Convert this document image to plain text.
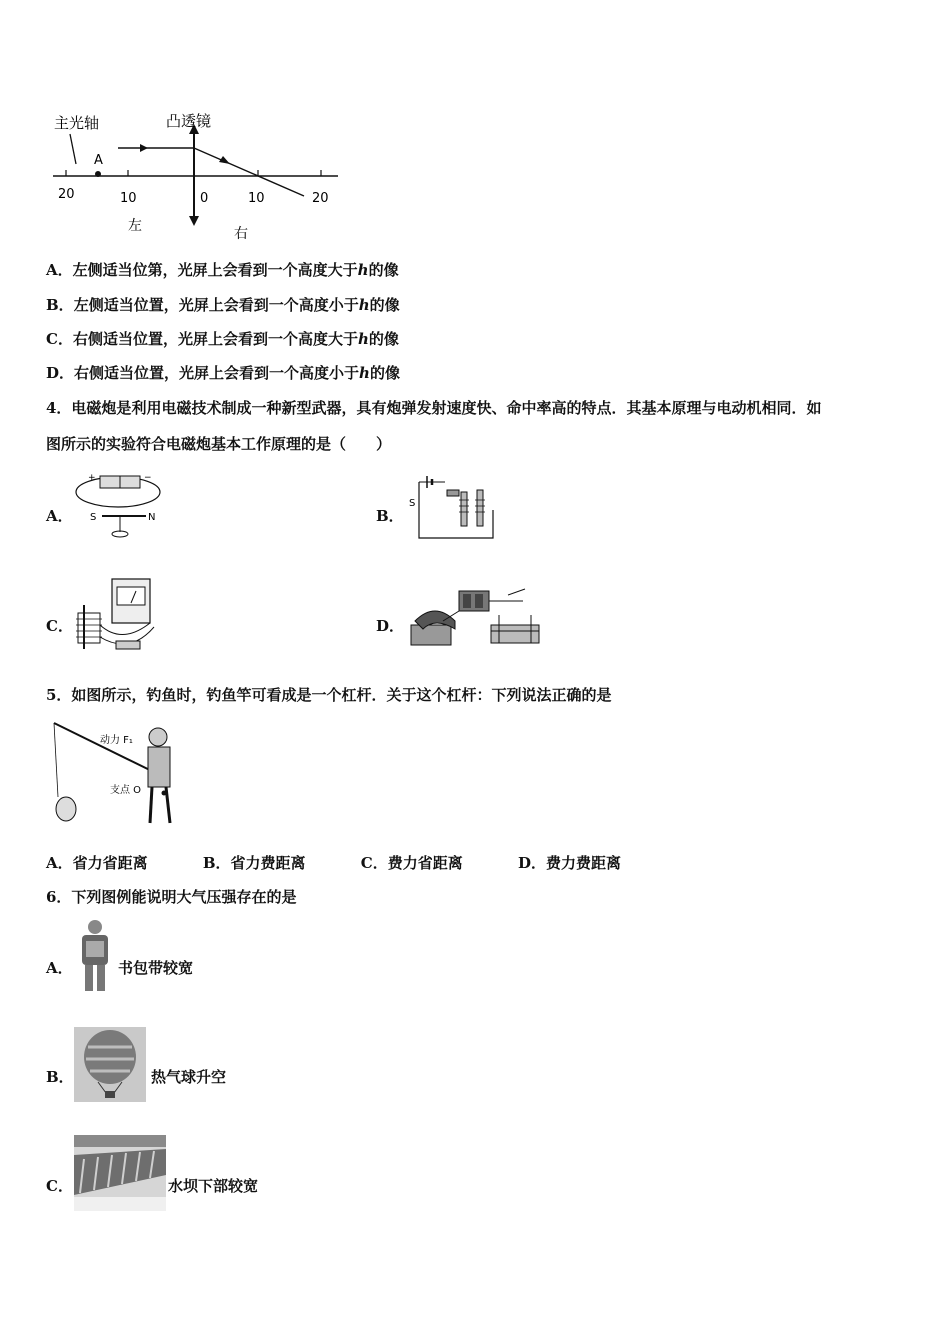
主光轴	凸透镜
A
20	10	0	10	20
左	右
A．左侧适当位第，光屏上会看到一个高度大于h的像
B．左侧适当位置，光屏上会看到一个高度小于h的像
C．右侧适当位置，光屏上会看到一个高度大于h的像
D．右侧适当位置，光屏上会看到一个高度小于h的像
4．电磁炮是利用电磁技术制成一种新型武器，具有炮弹发射速度快、命中率高的特点．其基本原理与电动机相同．如
图所示的实验符合电磁炮基本工作原理的是（　　）
A．
+	−
S	N	B．
S
C．	D．
5．如图所示，钓鱼时，钓鱼竿可看成是一个杠杆．关于这个杠杆：下列说法正确的是
动力 F₁
支点 O
A．省力省距离	B．省力费距离	C．费力省距离	D．费力费距离
6．下列图例能说明大气压强存在的是
A．	书包带较宽
B．	热气球升空
C．	水坝下部较宽
